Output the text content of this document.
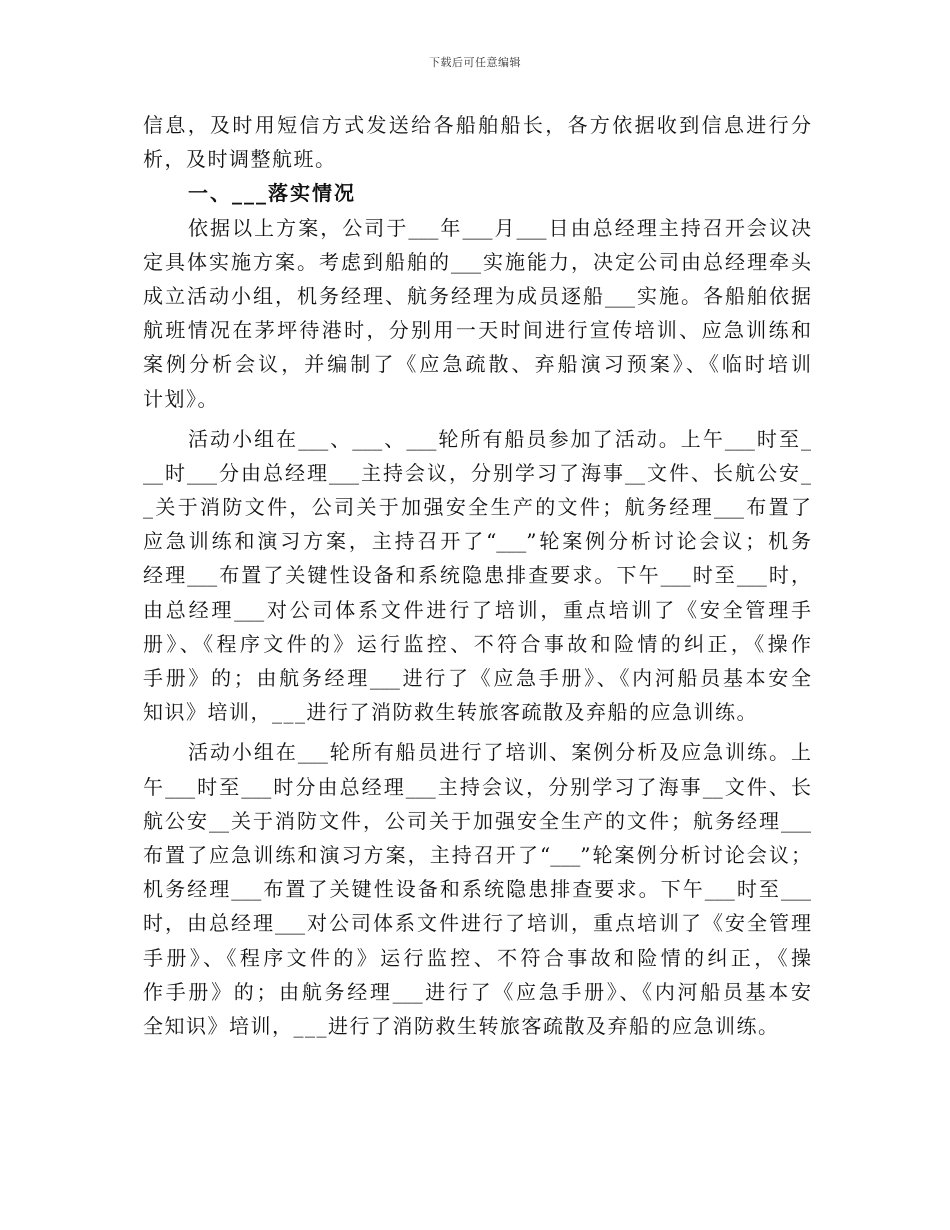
下载后可任意编辑
信息，及时用短信方式发送给各船舶船长，各方依据收到信息进行分
析，及时调整航班。
一、___落实情况
依据以上方案，公司于___年___月___日由总经理主持召开会议决
定具体实施方案。考虑到船舶的___实施能力，决定公司由总经理牵头
成立活动小组，机务经理、航务经理为成员逐船___实施。各船舶依据
航班情况在茅坪待港时，分别用一天时间进行宣传培训、应急训练和
案例分析会议，并编制了《应急疏散、弃船演习预案》、《临时培训
计划》。
活动小组在___、___、___轮所有船员参加了活动。上午___时至_
__时___分由总经理___主持会议，分别学习了海事__文件、长航公安_
_关于消防文件，公司关于加强安全生产的文件；航务经理___布置了
应急训练和演习方案，主持召开了“___”轮案例分析讨论会议；机务
经理___布置了关键性设备和系统隐患排查要求。下午___时至___时，
由总经理___对公司体系文件进行了培训，重点培训了《安全管理手
册》、《程序文件的》运行监控、不符合事故和险情的纠正，《操作
手册》的；由航务经理___进行了《应急手册》、《内河船员基本安全
知识》培训，___进行了消防救生转旅客疏散及弃船的应急训练。
活动小组在___轮所有船员进行了培训、案例分析及应急训练。上
午___时至___时分由总经理___主持会议，分别学习了海事__文件、长
航公安__关于消防文件，公司关于加强安全生产的文件；航务经理___
布置了应急训练和演习方案，主持召开了“___”轮案例分析讨论会议；
机务经理___布置了关键性设备和系统隐患排查要求。下午___时至___
时，由总经理___对公司体系文件进行了培训，重点培训了《安全管理
手册》、《程序文件的》运行监控、不符合事故和险情的纠正，《操
作手册》的；由航务经理___进行了《应急手册》、《内河船员基本安
全知识》培训，___进行了消防救生转旅客疏散及弃船的应急训练。
